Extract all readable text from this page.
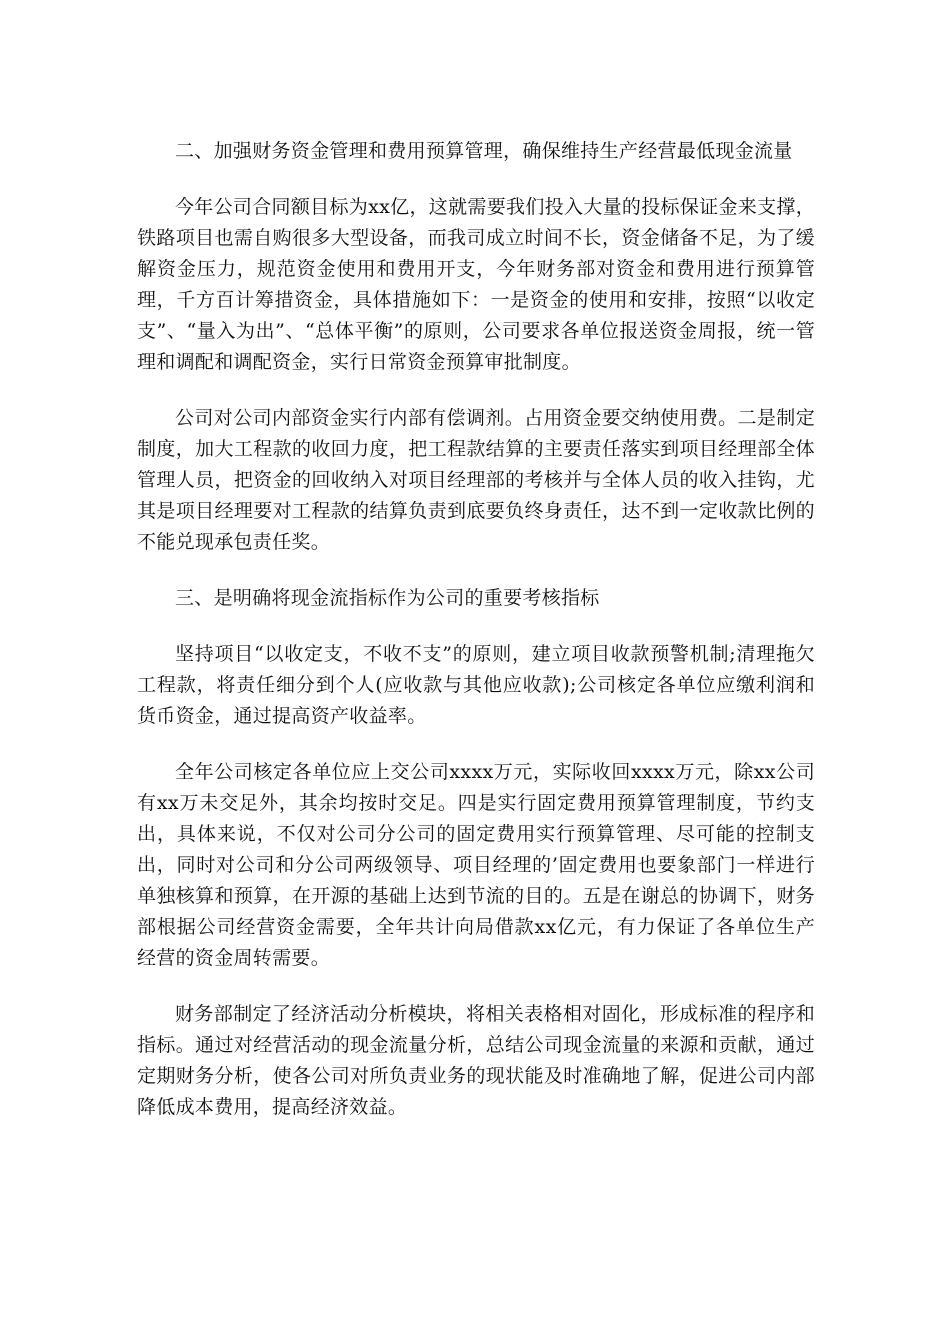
二、加强财务资金管理和费用预算管理，确保维持生产经营最低现金流量

今年公司合同额目标为xx亿，这就需要我们投入大量的投标保证金来支撑，铁路项目也需自购很多大型设备，而我司成立时间不长，资金储备不足，为了缓解资金压力，规范资金使用和费用开支，今年财务部对资金和费用进行预算管理，千方百计筹措资金，具体措施如下：一是资金的使用和安排，按照“以收定支”、“量入为出”、“总体平衡”的原则，公司要求各单位报送资金周报，统一管理和调配和调配资金，实行日常资金预算审批制度。

公司对公司内部资金实行内部有偿调剂。占用资金要交纳使用费。二是制定制度，加大工程款的收回力度，把工程款结算的主要责任落实到项目经理部全体管理人员，把资金的回收纳入对项目经理部的考核并与全体人员的收入挂钩，尤其是项目经理要对工程款的结算负责到底要负终身责任，达不到一定收款比例的不能兑现承包责任奖。

三、是明确将现金流指标作为公司的重要考核指标

坚持项目“以收定支，不收不支”的原则，建立项目收款预警机制;清理拖欠工程款，将责任细分到个人(应收款与其他应收款);公司核定各单位应缴利润和货币资金，通过提高资产收益率。

全年公司核定各单位应上交公司xxxx万元，实际收回xxxx万元，除xx公司有xx万未交足外，其余均按时交足。四是实行固定费用预算管理制度，节约支出，具体来说，不仅对公司分公司的固定费用实行预算管理、尽可能的控制支出，同时对公司和分公司两级领导、项目经理的’固定费用也要象部门一样进行单独核算和预算，在开源的基础上达到节流的目的。五是在谢总的协调下，财务部根据公司经营资金需要，全年共计向局借款xx亿元，有力保证了各单位生产经营的资金周转需要。

财务部制定了经济活动分析模块，将相关表格相对固化，形成标准的程序和指标。通过对经营活动的现金流量分析，总结公司现金流量的来源和贡献，通过定期财务分析，使各公司对所负责业务的现状能及时准确地了解，促进公司内部降低成本费用，提高经济效益。
